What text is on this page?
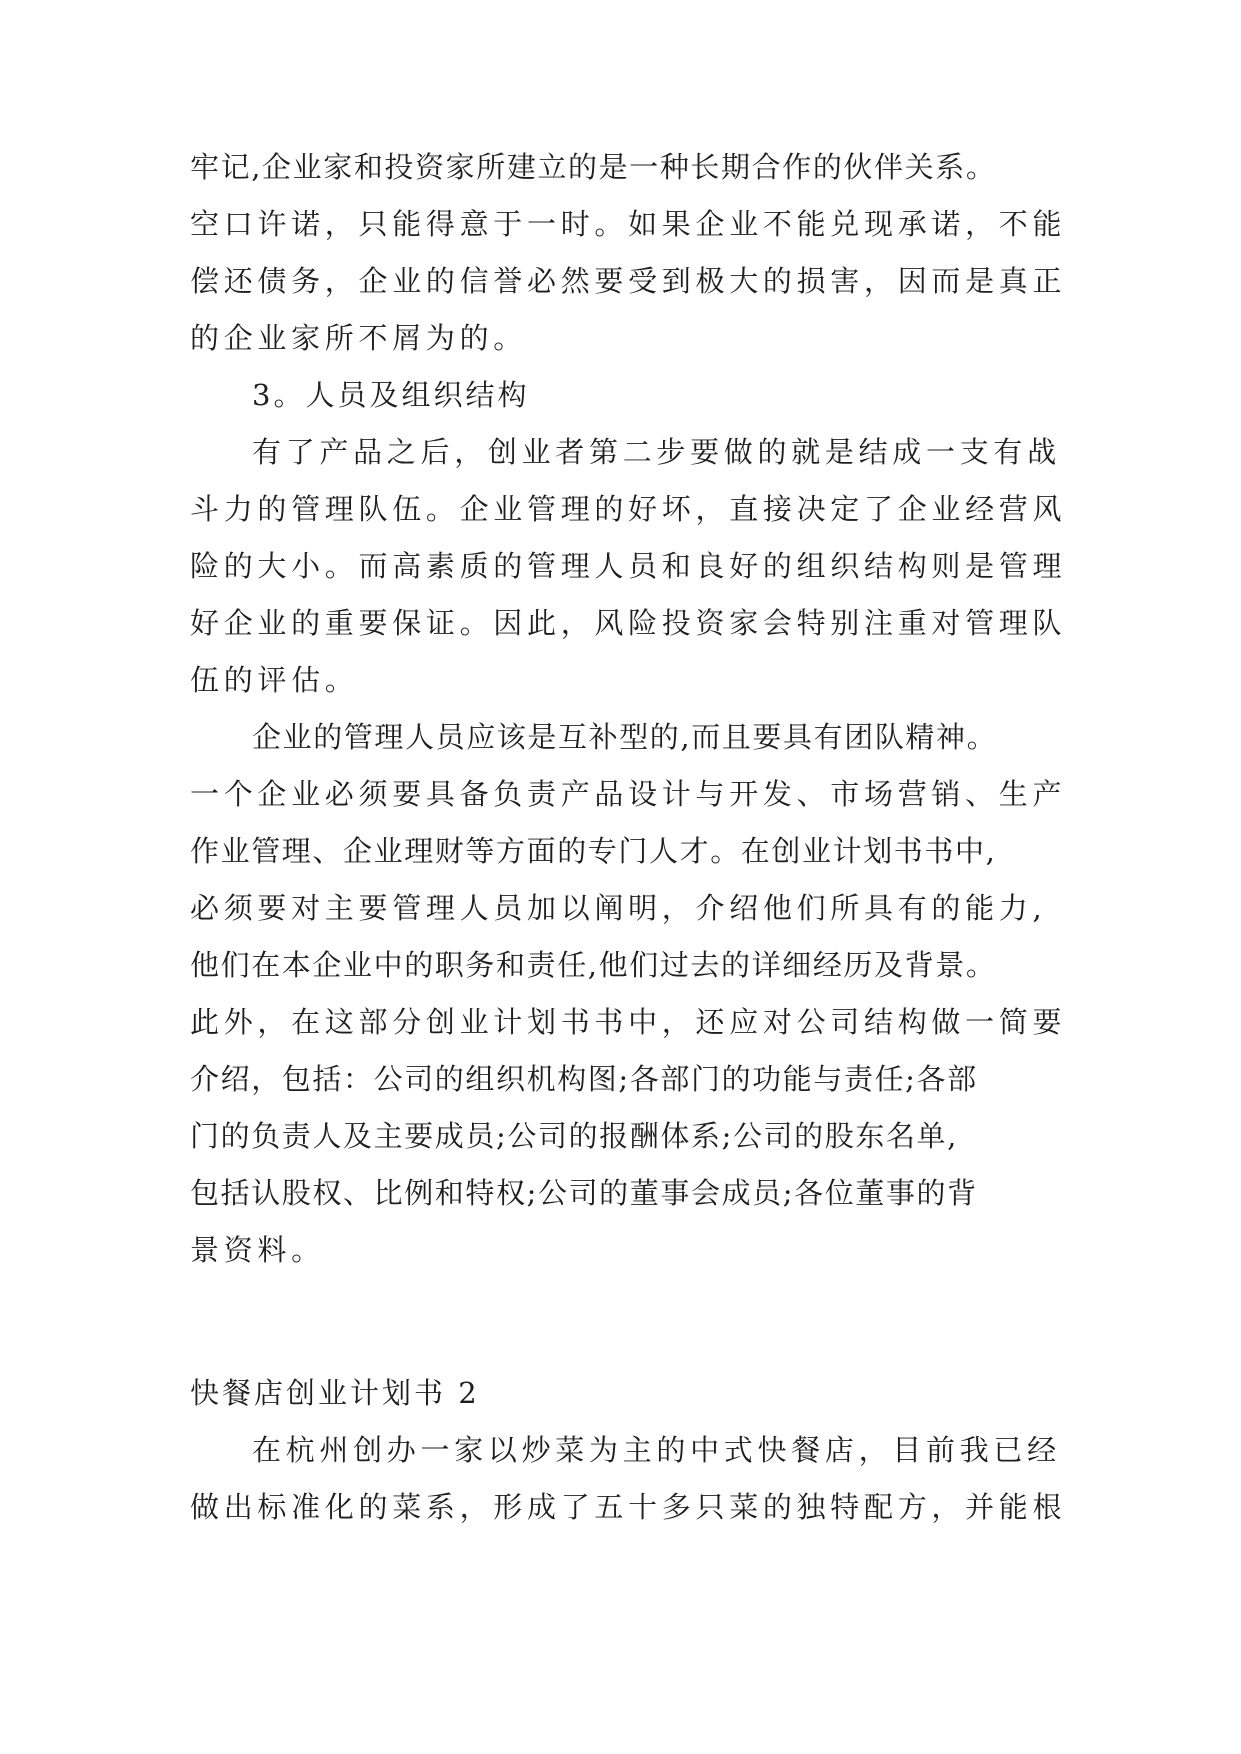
牢记,企业家和投资家所建立的是一种长期合作的伙伴关系。
空口许诺，只能得意于一时。如果企业不能兑现承诺，不能
偿还债务，企业的信誉必然要受到极大的损害，因而是真正
的企业家所不屑为的。
3。人员及组织结构
有了产品之后，创业者第二步要做的就是结成一支有战
斗力的管理队伍。企业管理的好坏，直接决定了企业经营风
险的大小。而高素质的管理人员和良好的组织结构则是管理
好企业的重要保证。因此，风险投资家会特别注重对管理队
伍的评估。
企业的管理人员应该是互补型的,而且要具有团队精神。
一个企业必须要具备负责产品设计与开发、市场营销、生产
作业管理、企业理财等方面的专门人才。在创业计划书书中,
必须要对主要管理人员加以阐明，介绍他们所具有的能力,
他们在本企业中的职务和责任,他们过去的详细经历及背景。
此外，在这部分创业计划书书中，还应对公司结构做一简要
介绍，包括：公司的组织机构图;各部门的功能与责任;各部
门的负责人及主要成员;公司的报酬体系;公司的股东名单,
包括认股权、比例和特权;公司的董事会成员;各位董事的背
景资料。
快餐店创业计划书 2
在杭州创办一家以炒菜为主的中式快餐店，目前我已经
做出标准化的菜系，形成了五十多只菜的独特配方，并能根
